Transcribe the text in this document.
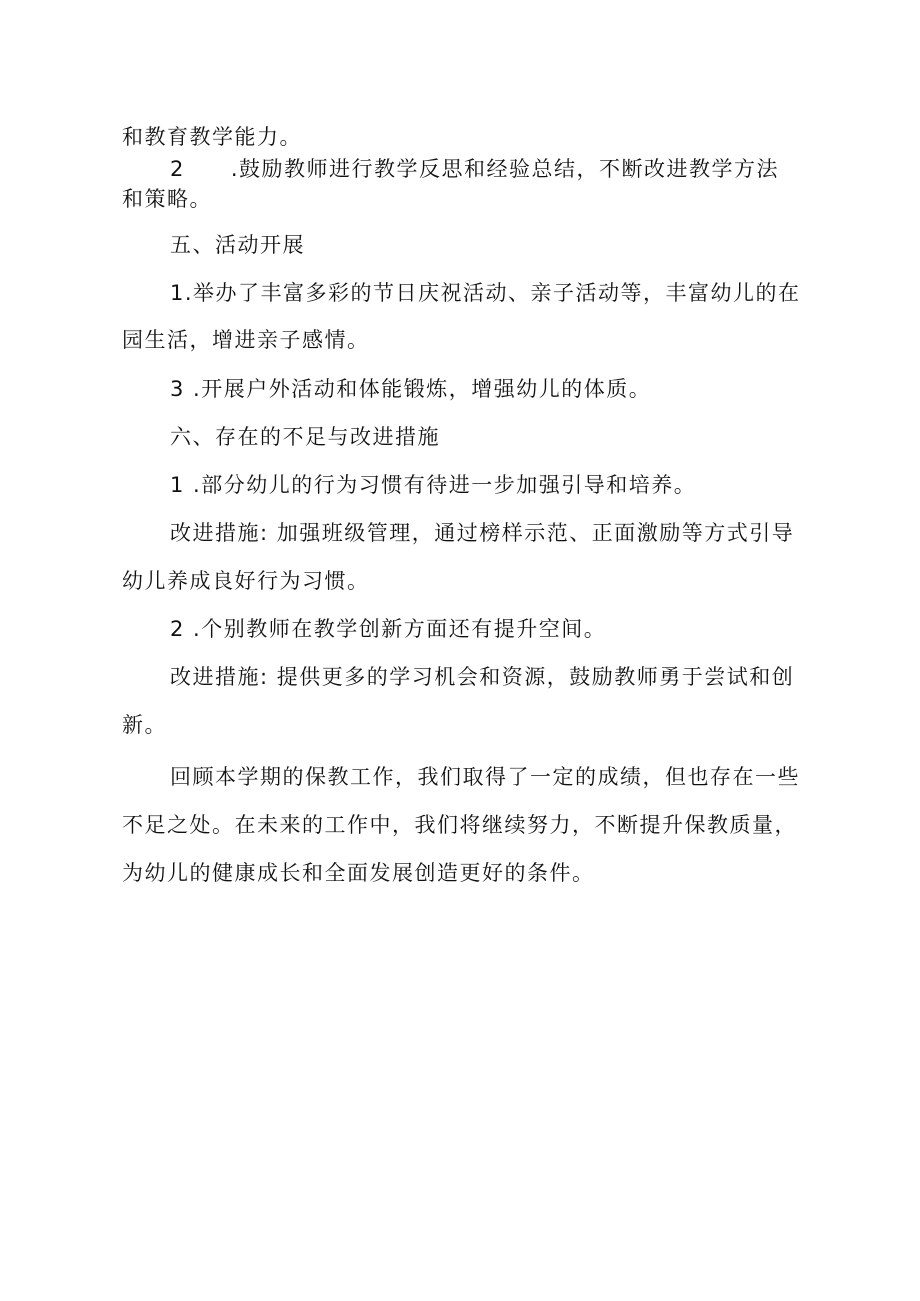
和教育教学能力。
2 .鼓励教师进行教学反思和经验总结，不断改进教学方法
和策略。
五、活动开展
1.举办了丰富多彩的节日庆祝活动、亲子活动等，丰富幼儿的在
园生活，增进亲子感情。
3 .开展户外活动和体能锻炼，增强幼儿的体质。
六、存在的不足与改进措施
1 .部分幼儿的行为习惯有待进一步加强引导和培养。
改进措施: 加强班级管理，通过榜样示范、正面激励等方式引导
幼儿养成良好行为习惯。
2 .个别教师在教学创新方面还有提升空间。
改进措施: 提供更多的学习机会和资源，鼓励教师勇于尝试和创
新。
回顾本学期的保教工作，我们取得了一定的成绩，但也存在一些
不足之处。在未来的工作中，我们将继续努力，不断提升保教质量，
为幼儿的健康成长和全面发展创造更好的条件。
